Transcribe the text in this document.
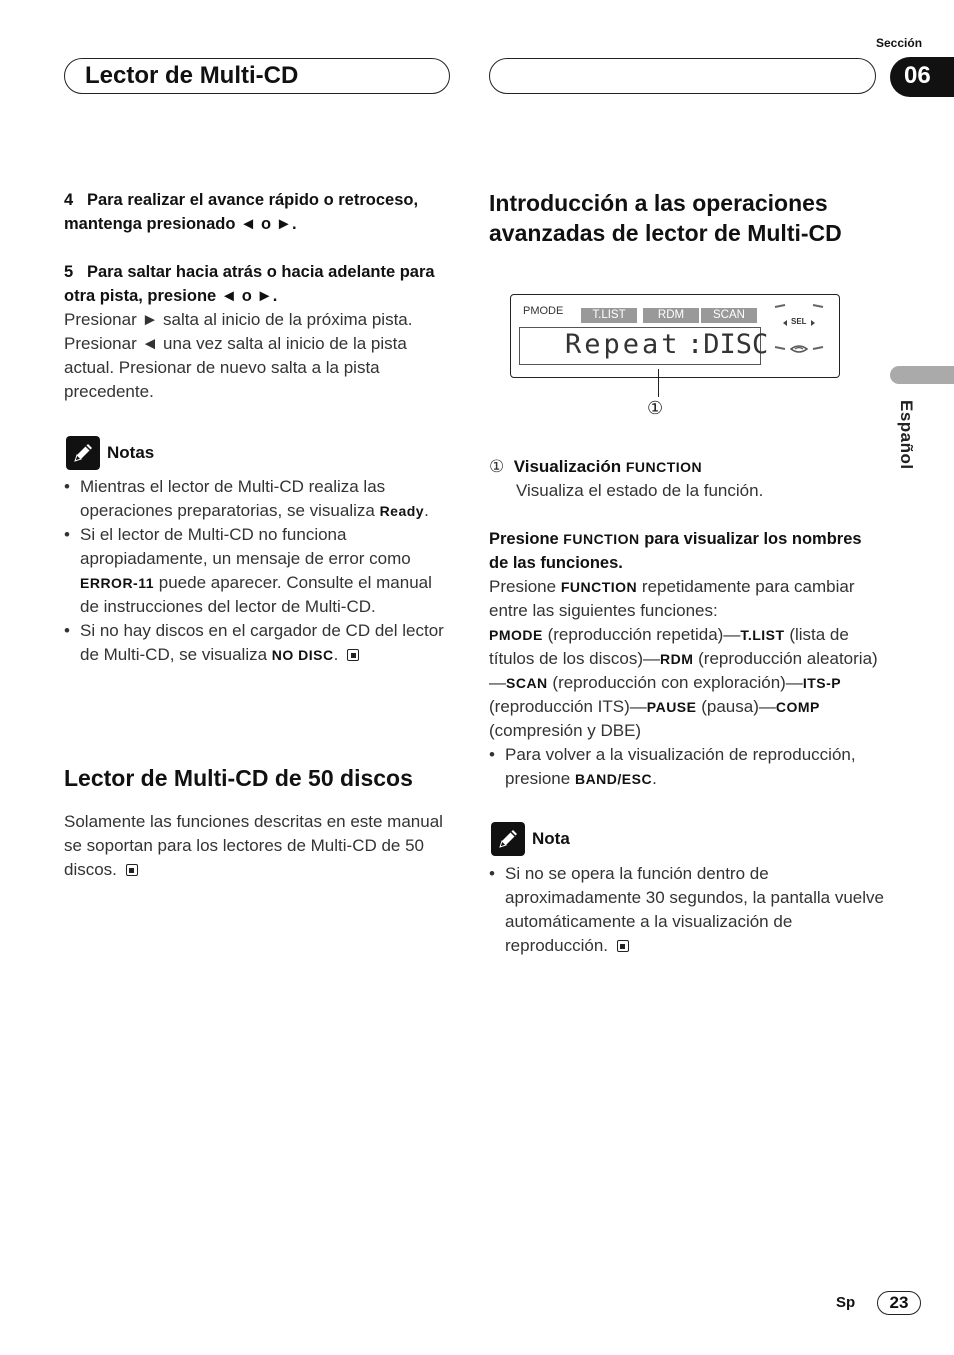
Sección
Lector de Multi-CD	06
Español
4 Para realizar el avance rápido o retroceso, mantenga presionado ◄ o ►.
5 Para saltar hacia atrás o hacia adelante para otra pista, presione ◄ o ►.
Presionar ► salta al inicio de la próxima pista. Presionar ◄ una vez salta al inicio de la pista actual. Presionar de nuevo salta a la pista precedente.
Notas
• Mientras el lector de Multi-CD realiza las operaciones preparatorias, se visualiza Ready.
• Si el lector de Multi-CD no funciona apropiadamente, un mensaje de error como ERROR-11 puede aparecer. Consulte el manual de instrucciones del lector de Multi-CD.
• Si no hay discos en el cargador de CD del lector de Multi-CD, se visualiza NO DISC.
Lector de Multi-CD de 50 discos
Solamente las funciones descritas en este manual se soportan para los lectores de Multi-CD de 50 discos.
Introducción a las operaciones avanzadas de lector de Multi-CD
PMODE	T.LIST	RDM	SCAN
Repeat :DISC
SEL
①
① Visualización FUNCTION
Visualiza el estado de la función.
Presione FUNCTION para visualizar los nombres de las funciones.
Presione FUNCTION repetidamente para cambiar entre las siguientes funciones:
PMODE (reproducción repetida)—T.LIST (lista de títulos de los discos)—RDM (reproducción aleatoria)—SCAN (reproducción con exploración)—ITS-P (reproducción ITS)—PAUSE (pausa)—COMP (compresión y DBE)
• Para volver a la visualización de reproducción, presione BAND/ESC.
Nota
• Si no se opera la función dentro de aproximadamente 30 segundos, la pantalla vuelve automáticamente a la visualización de reproducción.
Sp	23
